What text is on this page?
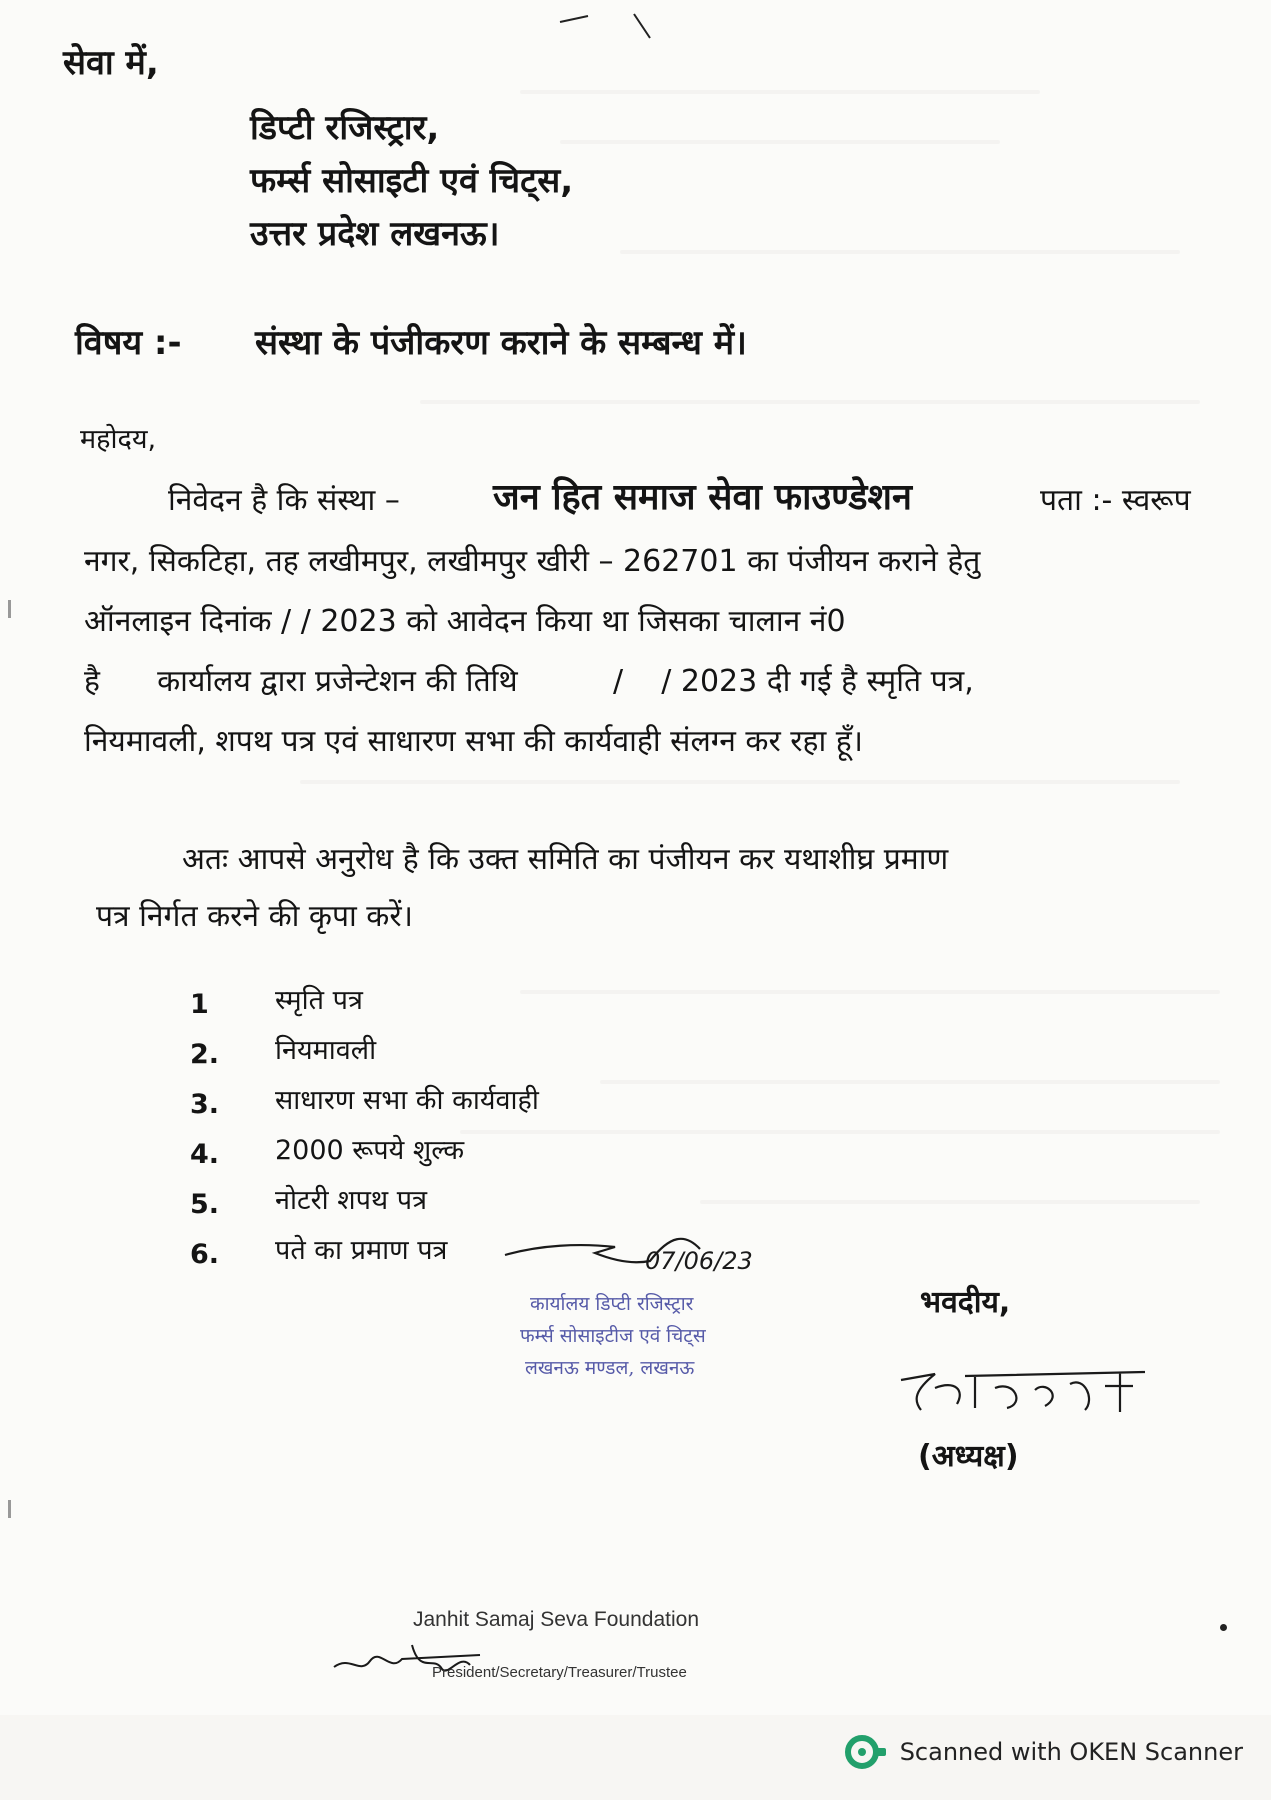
सेवा में,
डिप्टी रजिस्ट्रार,
फर्म्स सोसाइटी एवं चिट्स,
उत्तर प्रदेश लखनऊ।
विषय :- संस्था के पंजीकरण कराने के सम्बन्ध में।
महोदय,
निवेदन है कि संस्था –	जन हित समाज सेवा फाउण्डेशन	पता :- स्वरूप
नगर, सिकटिहा, तह लखीमपुर, लखीमपुर खीरी – 262701 का पंजीयन कराने हेतु
ऑनलाइन दिनांक / / 2023 को आवेदन किया था जिसका चालान नं0
है      कार्यालय द्वारा प्रजेन्टेशन की तिथि          /    / 2023 दी गई है स्मृति पत्र,
नियमावली, शपथ पत्र एवं साधारण सभा की कार्यवाही संलग्न कर रहा हूँ।
अतः आपसे अनुरोध है कि उक्त समिति का पंजीयन कर यथाशीघ्र प्रमाण
पत्र निर्गत करने की कृपा करें।
1 स्मृति पत्र
2. नियमावली
3. साधारण सभा की कार्यवाही
4. 2000 रूपये शुल्क
5. नोटरी शपथ पत्र
6. पते का प्रमाण पत्र	07/06/23
कार्यालय डिप्टी रजिस्ट्रार
फर्म्स सोसाइटीज एवं चिट्स
लखनऊ मण्डल, लखनऊ
भवदीय,
(अध्यक्ष)
Janhit Samaj Seva Foundation
President/Secretary/Treasurer/Trustee
Scanned with OKEN Scanner
